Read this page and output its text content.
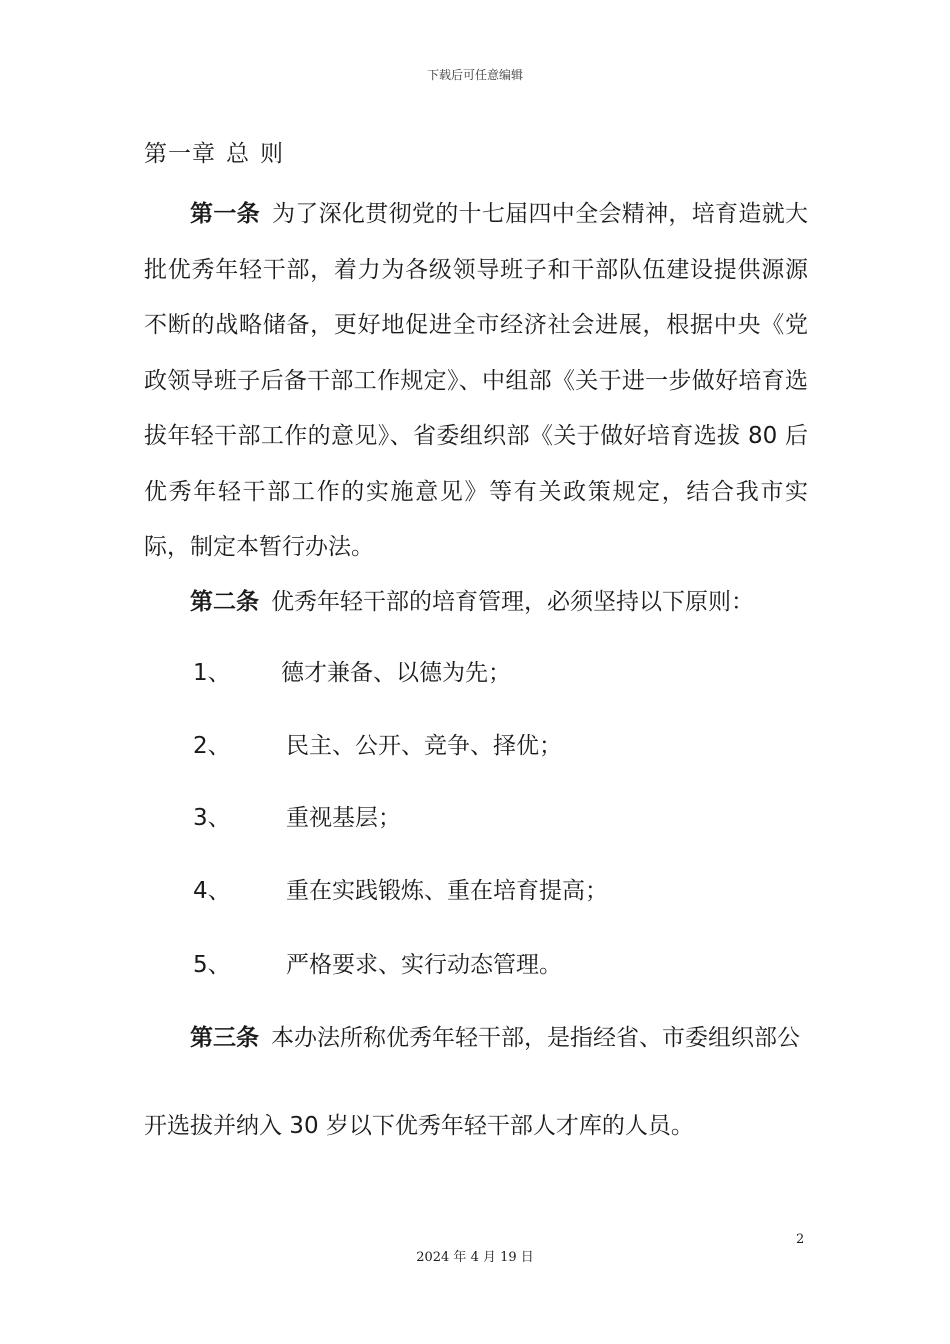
下载后可任意编辑
第一章 总 则
第一条 为了深化贯彻党的十七届四中全会精神，培育造就大批优秀年轻干部，着力为各级领导班子和干部队伍建设提供源源不断的战略储备，更好地促进全市经济社会进展，根据中央《党政领导班子后备干部工作规定》、中组部《关于进一步做好培育选拔年轻干部工作的意见》、省委组织部《关于做好培育选拔 80 后优秀年轻干部工作的实施意见》等有关政策规定，结合我市实际，制定本暂行办法。
第二条 优秀年轻干部的培育管理，必须坚持以下原则：
1、 德才兼备、以德为先；
2、 民主、公开、竞争、择优；
3、 重视基层；
4、 重在实践锻炼、重在培育提高；
5、 严格要求、实行动态管理。
第三条 本办法所称优秀年轻干部，是指经省、市委组织部公
开选拔并纳入 30 岁以下优秀年轻干部人才库的人员。
2
2024 年 4 月 19 日
